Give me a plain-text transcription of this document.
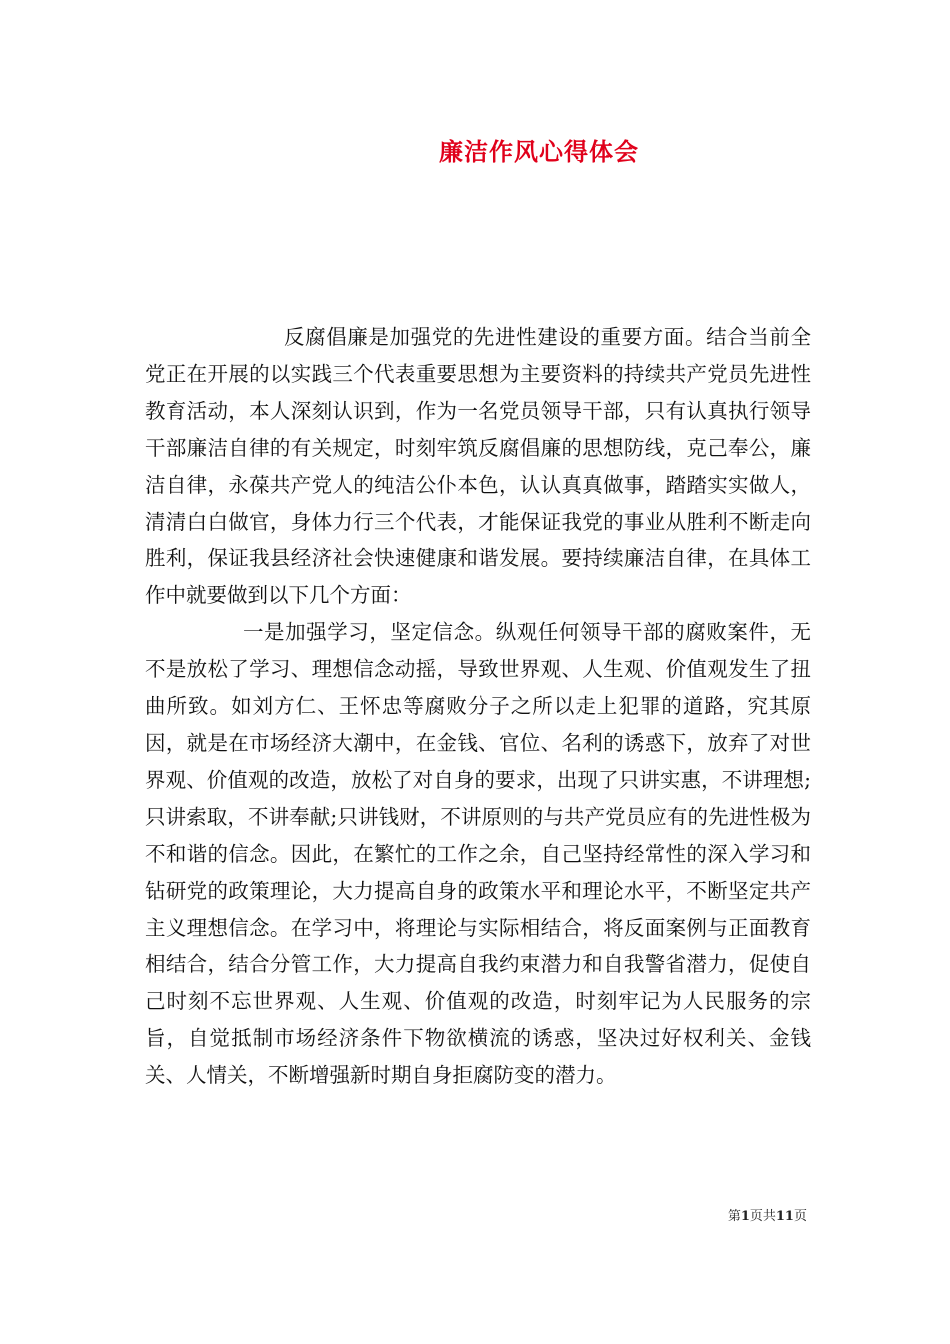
廉洁作风心得体会

反腐倡廉是加强党的先进性建设的重要方面。结合当前全党正在开展的以实践三个代表重要思想为主要资料的持续共产党员先进性教育活动，本人深刻认识到，作为一名党员领导干部，只有认真执行领导干部廉洁自律的有关规定，时刻牢筑反腐倡廉的思想防线，克己奉公，廉洁自律，永葆共产党人的纯洁公仆本色，认认真真做事，踏踏实实做人，清清白白做官，身体力行三个代表，才能保证我党的事业从胜利不断走向胜利，保证我县经济社会快速健康和谐发展。要持续廉洁自律，在具体工作中就要做到以下几个方面：

一是加强学习，坚定信念。纵观任何领导干部的腐败案件，无不是放松了学习、理想信念动摇，导致世界观、人生观、价值观发生了扭曲所致。如刘方仁、王怀忠等腐败分子之所以走上犯罪的道路，究其原因，就是在市场经济大潮中，在金钱、官位、名利的诱惑下，放弃了对世界观、价值观的改造，放松了对自身的要求，出现了只讲实惠，不讲理想;只讲索取，不讲奉献;只讲钱财，不讲原则的与共产党员应有的先进性极为不和谐的信念。因此，在繁忙的工作之余，自己坚持经常性的深入学习和钻研党的政策理论，大力提高自身的政策水平和理论水平，不断坚定共产主义理想信念。在学习中，将理论与实际相结合，将反面案例与正面教育相结合，结合分管工作，大力提高自我约束潜力和自我警省潜力，促使自己时刻不忘世界观、人生观、价值观的改造，时刻牢记为人民服务的宗旨，自觉抵制市场经济条件下物欲横流的诱惑，坚决过好权利关、金钱关、人情关，不断增强新时期自身拒腐防变的潜力。

第1页共11页
